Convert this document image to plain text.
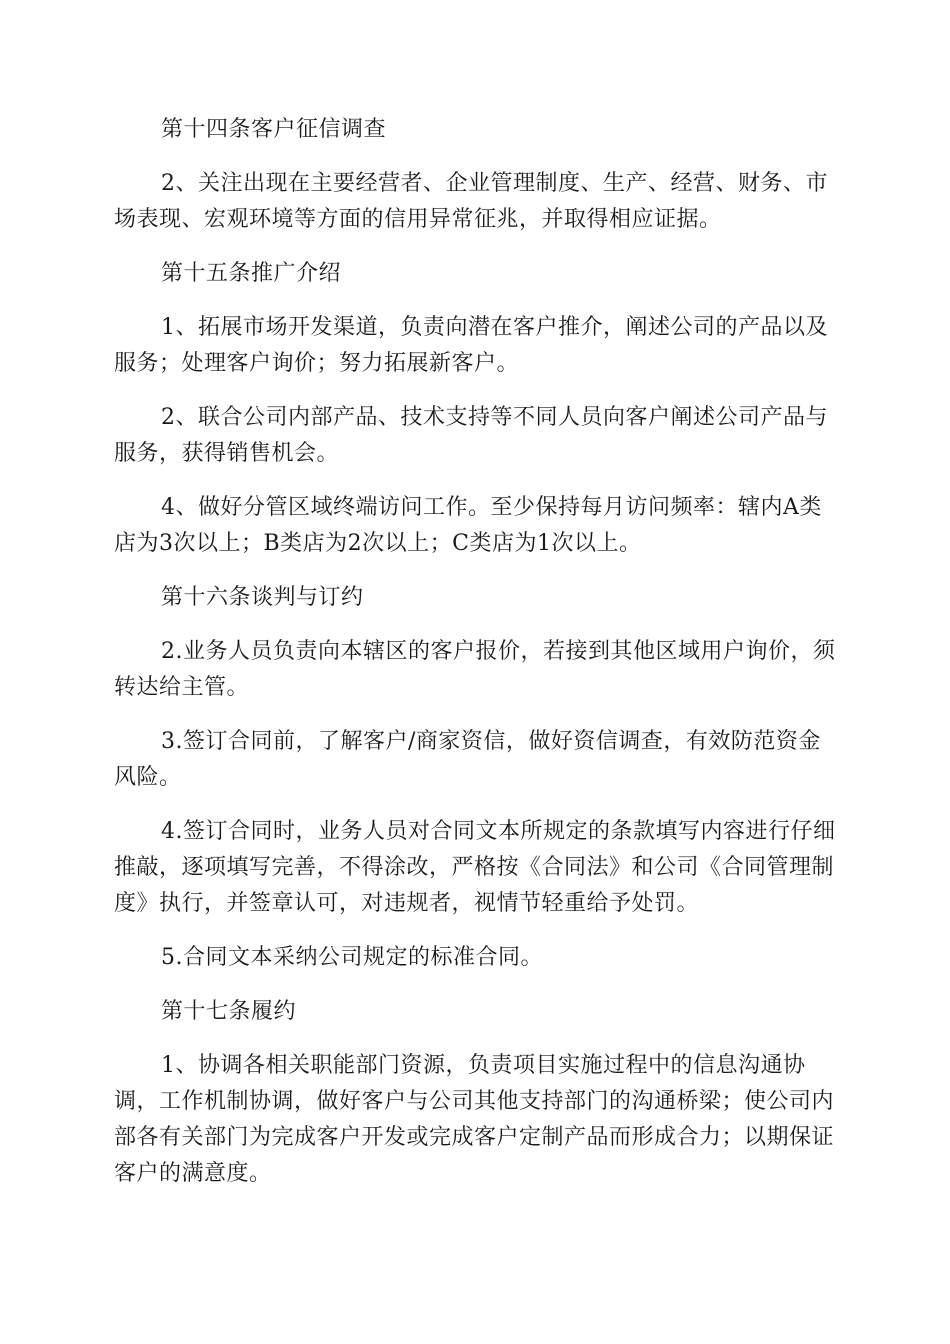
第十四条客户征信调查

2、关注出现在主要经营者、企业管理制度、生产、经营、财务、市

场表现、宏观环境等方面的信用异常征兆，并取得相应证据。

第十五条推广介绍

1、拓展市场开发渠道，负责向潜在客户推介，阐述公司的产品以及

服务；处理客户询价；努力拓展新客户。

2、联合公司内部产品、技术支持等不同人员向客户阐述公司产品与

服务，获得销售机会。

4、做好分管区域终端访问工作。至少保持每月访问频率：辖内A类

店为3次以上；B类店为2次以上；C类店为1次以上。

第十六条谈判与订约

2.业务人员负责向本辖区的客户报价，若接到其他区域用户询价，须

转达给主管。

3.签订合同前，了解客户/商家资信，做好资信调查，有效防范资金

风险。

4.签订合同时，业务人员对合同文本所规定的条款填写内容进行仔细

推敲，逐项填写完善，不得涂改，严格按《合同法》和公司《合同管理制

度》执行，并签章认可，对违规者，视情节轻重给予处罚。

5.合同文本采纳公司规定的标准合同。

第十七条履约

1、协调各相关职能部门资源，负责项目实施过程中的信息沟通协

调，工作机制协调，做好客户与公司其他支持部门的沟通桥梁；使公司内

部各有关部门为完成客户开发或完成客户定制产品而形成合力；以期保证

客户的满意度。
